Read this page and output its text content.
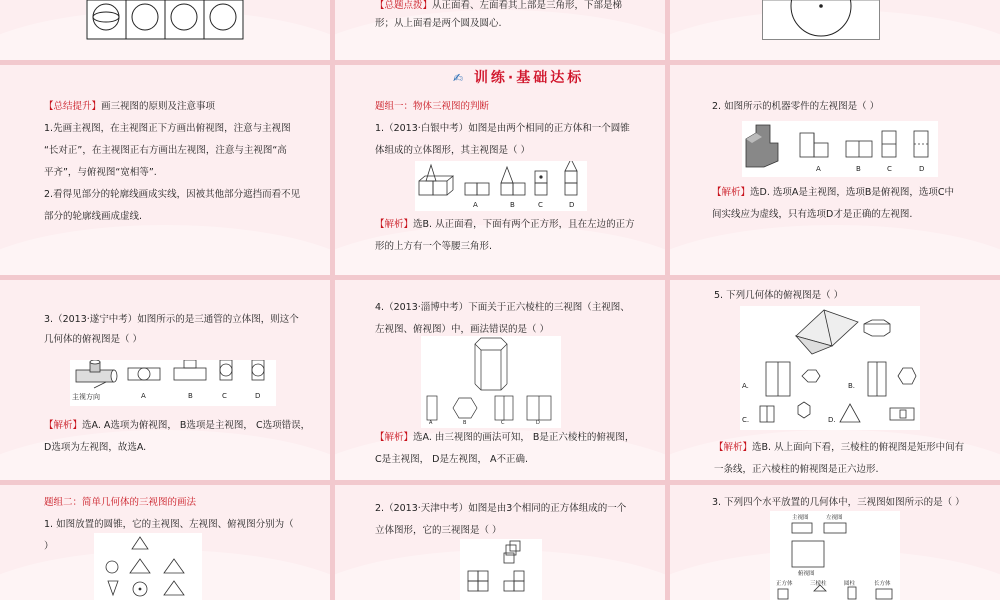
【总题点拨】从正面看、左面看其上部是三角形，下部是梯
形；从上面看是两个圆及圆心.
【总结提升】画三视图的原则及注意事项
1.先画主视图，在主视图正下方画出俯视图，注意与主视图
“长对正”，在主视图正右方画出左视图，注意与主视图“高
平齐”，与俯视图“宽相等”.
2.看得见部分的轮廓线画成实线，因被其他部分遮挡而看不见
部分的轮廓线画成虚线.
✍ 训练·基础达标
题组一：物体三视图的判断
1.（2013·白银中考）如图是由两个相同的正方体和一个圆锥
体组成的立体图形，其主视图是（ ）
A	B	C	D
【解析】选B. 从正面看，下面有两个正方形，且在左边的正方
形的上方有一个等腰三角形.
2. 如图所示的机器零件的左视图是（ ）
A	B	C	D
【解析】选D. 选项A是主视图，选项B是俯视图，选项C中
间实线应为虚线，只有选项D才是正确的左视图.
3.（2013·遂宁中考）如图所示的是三通管的立体图，则这个
几何体的俯视图是（ ）
主视方向	A	B	C	D
【解析】选A. A选项为俯视图， B选项是主视图， C选项错误，
D选项为左视图，故选A.
4.（2013·淄博中考）下面关于正六棱柱的三视图（主视图、
左视图、俯视图）中，画法错误的是（ ）
A	B	C	D
【解析】选A. 由三视图的画法可知， B是正六棱柱的俯视图，
C是主视图， D是左视图， A不正确.
5. 下列几何体的俯视图是（ ）
A.	B.
C.	D.
【解析】选B. 从上面向下看，三棱柱的俯视图是矩形中间有
一条线，正六棱柱的俯视图是正六边形.
题组二：简单几何体的三视图的画法
1. 如图放置的圆锥，它的主视图、左视图、俯视图分别为（
）
2.（2013·天津中考）如图是由3个相同的正方体组成的一个
立体图形，它的三视图是（ ）
3. 下列四个水平放置的几何体中，三视图如图所示的是（ ）
主视图	左视图
俯视图
正方体	三棱柱	圆柱	长方体
